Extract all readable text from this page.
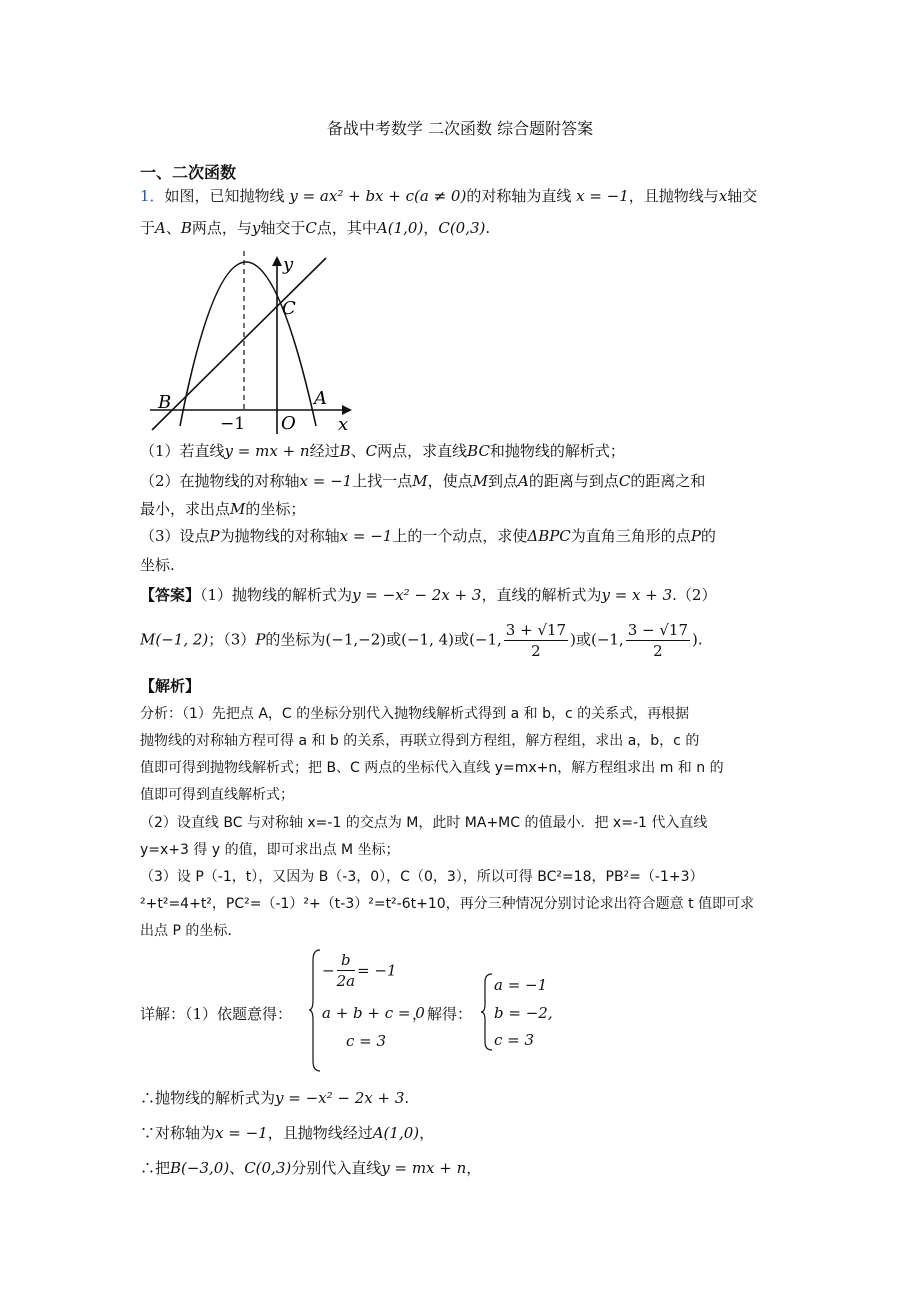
备战中考数学 二次函数 综合题附答案
一、二次函数
1．如图，已知抛物线 y = ax² + bx + c(a ≠ 0)的对称轴为直线 x = −1，且抛物线与x轴交
于A、B两点，与y轴交于C点，其中A(1,0)，C(0,3).
y
x
B	A
C
O
−1
（1）若直线y = mx + n经过B、C两点，求直线BC和抛物线的解析式；
（2）在抛物线的对称轴x = −1上找一点M，使点M到点A的距离与到点C的距离之和
最小，求出点M的坐标；
（3）设点P为抛物线的对称轴x = −1上的一个动点，求使ΔBPC为直角三角形的点P的
坐标.
【答案】（1）抛物线的解析式为y = −x² − 2x + 3，直线的解析式为y = x + 3.（2）
M(−1, 2)；（3）P的坐标为(−1,−2)或(−1, 4)或(−1, $\frac{3 + √17}{2}$ )或(−1, $\frac{3 - √17}{2}$ ).
【解析】
分析：（1）先把点 A，C 的坐标分别代入抛物线解析式得到 a 和 b，c 的关系式，再根据
抛物线的对称轴方程可得 a 和 b 的关系，再联立得到方程组，解方程组，求出 a，b，c 的
值即可得到抛物线解析式；把 B、C 两点的坐标代入直线 y=mx+n，解方程组求出 m 和 n 的
值即可得到直线解析式；
（2）设直线 BC 与对称轴 x=-1 的交点为 M，此时 MA+MC 的值最小．把 x=-1 代入直线
y=x+3 得 y 的值，即可求出点 M 坐标；
（3）设 P（-1，t），又因为 B（-3，0），C（0，3），所以可得 BC²=18，PB²=（-1+3）
²+t²=4+t²，PC²=（-1）²+（t-3）²=t²-6t+10，再分三种情况分别讨论求出符合题意 t 值即可求
出点 P 的坐标．
详解：（1）依题意得：
− $\frac{b}{2a} = -1$
a + b + c = 0
c = 3
，解得：
a = −1
b = −2,
c = 3
∴抛物线的解析式为y = −x² − 2x + 3.
∵对称轴为x = −1，且抛物线经过A(1,0)，
∴把B(−3,0)、C(0,3)分别代入直线y = mx + n，
